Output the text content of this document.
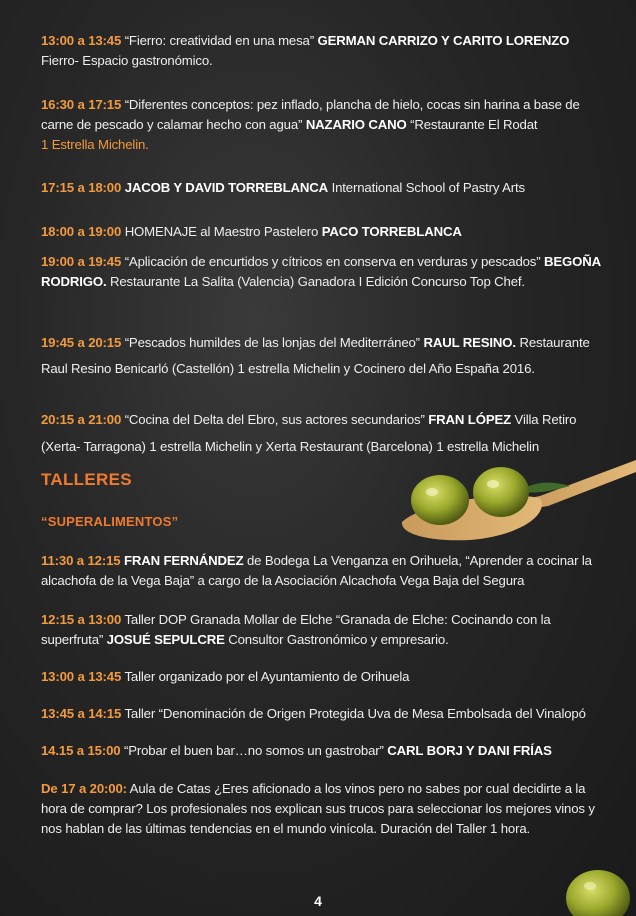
13:00 a 13:45 “Fierro: creatividad en una mesa” GERMAN CARRIZO Y CARITO LORENZO
Fierro- Espacio gastronómico.
16:30 a 17:15 “Diferentes conceptos: pez inflado, plancha de hielo, cocas sin harina a base de carne de pescado y calamar hecho con agua” NAZARIO CANO “Restaurante El Rodat
1 Estrella Michelin.
17:15 a 18:00 JACOB Y DAVID TORREBLANCA International School of Pastry Arts
18:00 a 19:00 HOMENAJE al Maestro Pastelero PACO TORREBLANCA
19:00 a 19:45 “Aplicación de encurtidos y cítricos en conserva en verduras y pescados” BEGOÑA RODRIGO. Restaurante La Salita (Valencia) Ganadora I Edición Concurso Top Chef.
19:45 a 20:15 “Pescados humildes de las lonjas del Mediterráneo” RAUL RESINO. Restaurante Raul Resino Benicarló (Castellón) 1 estrella Michelin y Cocinero del Año España 2016.
20:15 a 21:00 “Cocina del Delta del Ebro, sus actores secundarios” FRAN LÓPEZ Villa Retiro (Xerta- Tarragona) 1 estrella Michelin y Xerta Restaurant (Barcelona) 1 estrella Michelin
TALLERES
“SUPERALIMENTOS”
11:30 a 12:15 FRAN FERNÁNDEZ de Bodega La Venganza en Orihuela, “Aprender a cocinar la alcachofa de la Vega Baja” a cargo de la Asociación Alcachofa Vega Baja del Segura
12:15 a 13:00 Taller DOP Granada Mollar de Elche “Granada de Elche: Cocinando con la superfruta” JOSUÉ SEPULCRE Consultor Gastronómico y empresario.
13:00 a 13:45 Taller organizado por el Ayuntamiento de Orihuela
13:45 a 14:15 Taller “Denominación de Origen Protegida Uva de Mesa Embolsada del Vinalopó
14.15 a 15:00 “Probar el buen bar…no somos un gastrobar” CARL BORJ Y DANI FRÍAS
De 17 a 20:00: Aula de Catas ¿Eres aficionado a los vinos pero no sabes por cual decidirte a la hora de comprar? Los profesionales nos explican sus trucos para seleccionar los mejores vinos y nos hablan de las últimas tendencias en el mundo vinícola. Duración del Taller 1 hora.
4
